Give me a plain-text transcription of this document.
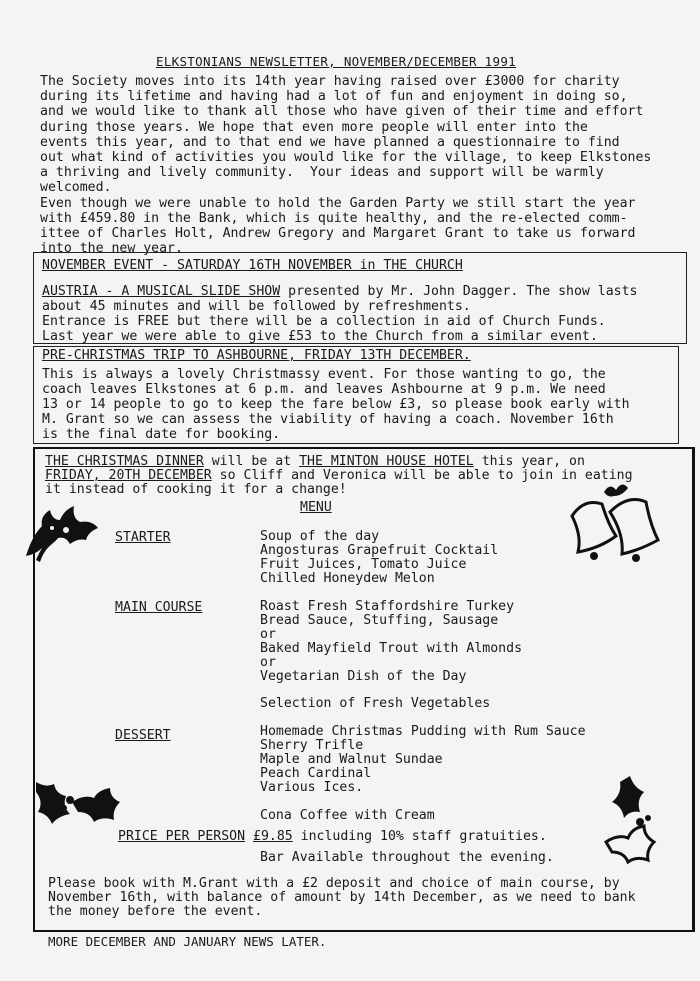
ELKSTONIANS NEWSLETTER, NOVEMBER/DECEMBER 1991
The Society moves into its 14th year having raised over £3000 for charity
during its lifetime and having had a lot of fun and enjoyment in doing so,
and we would like to thank all those who have given of their time and effort
during those years. We hope that even more people will enter into the
events this year, and to that end we have planned a questionnaire to find
out what kind of activities you would like for the village, to keep Elkstones
a thriving and lively community.  Your ideas and support will be warmly
welcomed.
Even though we were unable to hold the Garden Party we still start the year
with £459.80 in the Bank, which is quite healthy, and the re-elected comm-
ittee of Charles Holt, Andrew Gregory and Margaret Grant to take us forward
into the new year.
NOVEMBER EVENT - SATURDAY 16TH NOVEMBER in THE CHURCH
AUSTRIA - A MUSICAL SLIDE SHOW presented by Mr. John Dagger. The show lasts
about 45 minutes and will be followed by refreshments.
Entrance is FREE but there will be a collection in aid of Church Funds.
Last year we were able to give £53 to the Church from a similar event.
PRE-CHRISTMAS TRIP TO ASHBOURNE, FRIDAY 13TH DECEMBER.
This is always a lovely Christmassy event. For those wanting to go, the
coach leaves Elkstones at 6 p.m. and leaves Ashbourne at 9 p.m. We need
13 or 14 people to go to keep the fare below £3, so please book early with
M. Grant so we can assess the viability of having a coach. November 16th
is the final date for booking.
THE CHRISTMAS DINNER will be at THE MINTON HOUSE HOTEL this year, on
FRIDAY, 20TH DECEMBER so Cliff and Veronica will be able to join in eating
it instead of cooking it for a change!
MENU
STARTER	Soup of the day
Angosturas Grapefruit Cocktail
Fruit Juices, Tomato Juice
Chilled Honeydew Melon
MAIN COURSE	Roast Fresh Staffordshire Turkey
Bread Sauce, Stuffing, Sausage
or
Baked Mayfield Trout with Almonds
or
Vegetarian Dish of the Day
Selection of Fresh Vegetables
DESSERT	Homemade Christmas Pudding with Rum Sauce
Sherry Trifle
Maple and Walnut Sundae
Peach Cardinal
Various Ices.
Cona Coffee with Cream
PRICE PER PERSON £9.85 including 10% staff gratuities.
Bar Available throughout the evening.
Please book with M.Grant with a £2 deposit and choice of main course, by
November 16th, with balance of amount by 14th December, as we need to bank
the money before the event.
MORE DECEMBER AND JANUARY NEWS LATER.
